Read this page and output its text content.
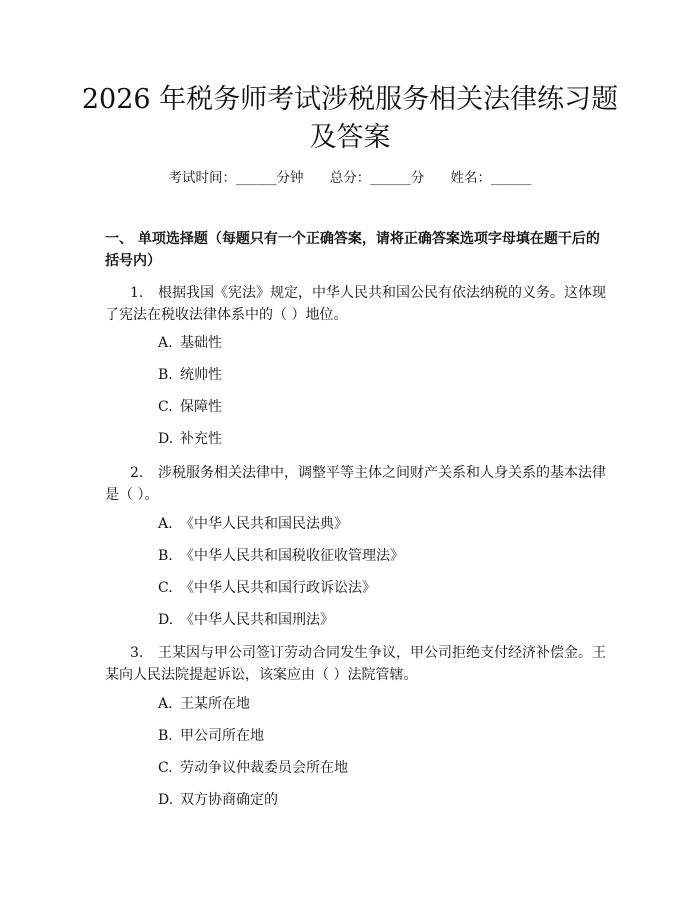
2026 年税务师考试涉税服务相关法律练习题
及答案
考试时间：______分钟 总分：______分 姓名：______
一、 单项选择题（每题只有一个正确答案，请将正确答案选项字母填在题干后的
括号内）
1. 根据我国《宪法》规定，中华人民共和国公民有依法纳税的义务。这体现
了宪法在税收法律体系中的（ ）地位。
A. 基础性
B. 统帅性
C. 保障性
D. 补充性
2. 涉税服务相关法律中，调整平等主体之间财产关系和人身关系的基本法律
是（ ）。
A. 《中华人民共和国民法典》
B. 《中华人民共和国税收征收管理法》
C. 《中华人民共和国行政诉讼法》
D. 《中华人民共和国刑法》
3. 王某因与甲公司签订劳动合同发生争议，甲公司拒绝支付经济补偿金。王
某向人民法院提起诉讼，该案应由（ ）法院管辖。
A. 王某所在地
B. 甲公司所在地
C. 劳动争议仲裁委员会所在地
D. 双方协商确定的
